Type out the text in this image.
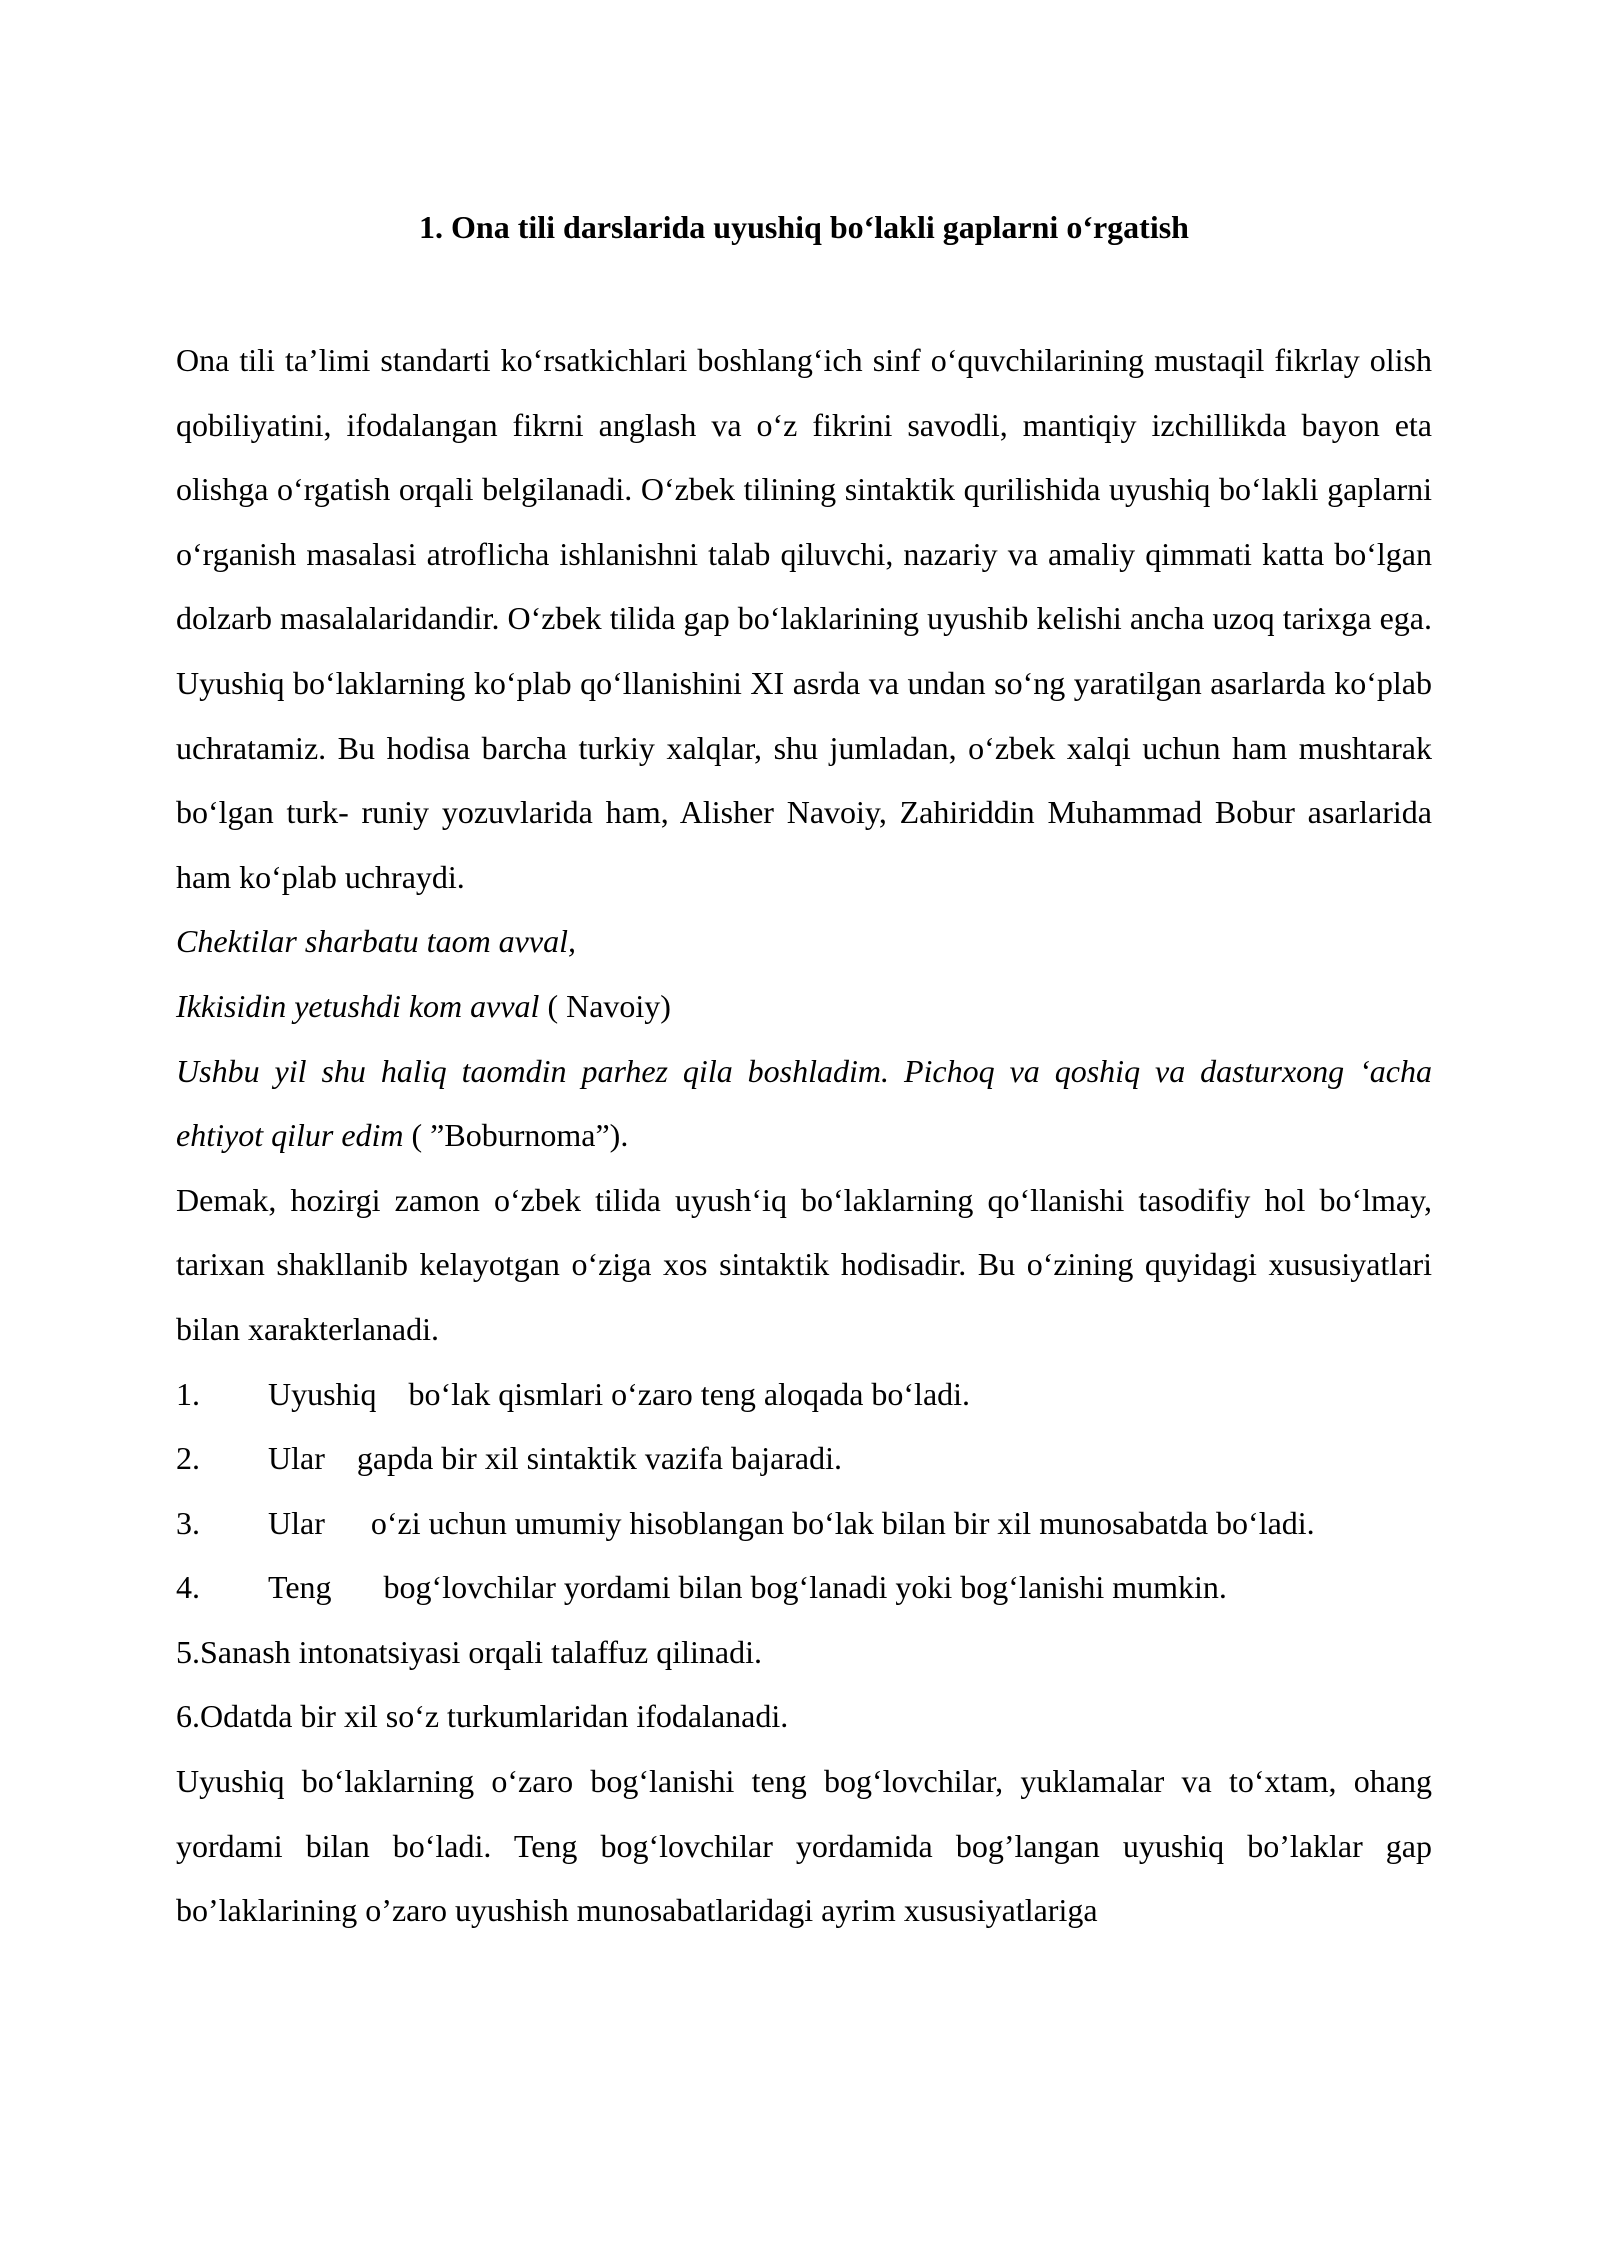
1. Ona tili darslarida uyushiq bo‘lakli gaplarni o‘rgatish

Ona tili ta’limi standarti ko‘rsatkichlari boshlang‘ich sinf o‘quvchilarining mustaqil fikrlay olish qobiliyatini, ifodalangan fikrni anglash va o‘z fikrini savodli, mantiqiy izchillikda bayon eta olishga o‘rgatish orqali belgilanadi. O‘zbek tilining sintaktik qurilishida uyushiq bo‘lakli gaplarni o‘rganish masalasi atroflicha ishlanishni talab qiluvchi, nazariy va amaliy qimmati katta bo‘lgan dolzarb masalalaridandir. O‘zbek tilida gap bo‘laklarining uyushib kelishi ancha uzoq tarixga ega. Uyushiq bo‘laklarning ko‘plab qo‘llanishini XI asrda va undan so‘ng yaratilgan asarlarda ko‘plab uchratamiz. Bu hodisa barcha turkiy xalqlar, shu jumladan, o‘zbek xalqi uchun ham mushtarak bo‘lgan turk- runiy yozuvlarida ham, Alisher Navoiy, Zahiriddin Muhammad Bobur asarlarida ham ko‘plab uchraydi.

Chektilar sharbatu taom avval,

Ikkisidin yetushdi kom avval ( Navoiy)

Ushbu yil shu haliq taomdin parhez qila boshladim. Pichoq va qoshiq va dasturxong ‘acha ehtiyot qilur edim ( ”Boburnoma”).

Demak, hozirgi zamon o‘zbek tilida uyush‘iq bo‘laklarning qo‘llanishi tasodifiy hol bo‘lmay, tarixan shakllanib kelayotgan o‘ziga xos sintaktik hodisadir. Bu o‘zining quyidagi xususiyatlari bilan xarakterlanadi.

1. Uyushiq bo‘lak qismlari o‘zaro teng aloqada bo‘ladi.

2. Ular gapda bir xil sintaktik vazifa bajaradi.

3. Ular o‘zi uchun umumiy hisoblangan bo‘lak bilan bir xil munosabatda bo‘ladi.

4. Teng bog‘lovchilar yordami bilan bog‘lanadi yoki bog‘lanishi mumkin.

5.Sanash intonatsiyasi orqali talaffuz qilinadi.

6.Odatda bir xil so‘z turkumlaridan ifodalanadi.

Uyushiq bo‘laklarning o‘zaro bog‘lanishi teng bog‘lovchilar, yuklamalar va to‘xtam, ohang yordami bilan bo‘ladi. Teng bog‘lovchilar yordamida bog’langan uyushiq bo’laklar gap bo’laklarining o’zaro uyushish munosabatlaridagi ayrim xususiyatlariga
